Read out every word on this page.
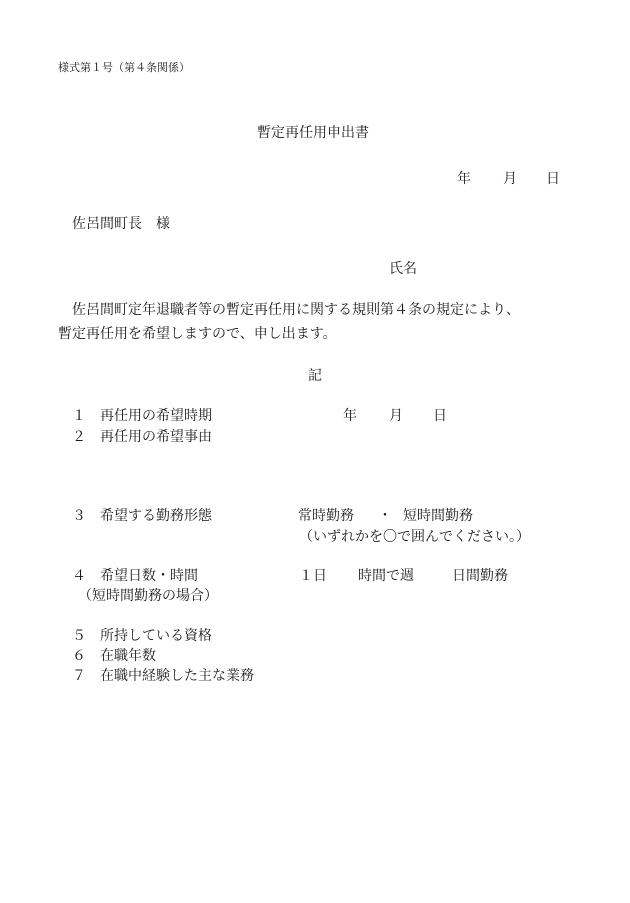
様式第１号（第４条関係）
暫定再任用申出書
年 月 日
佐呂間町長　様
氏名
佐呂間町定年退職者等の暫定再任用に関する規則第４条の規定により、
暫定再任用を希望しますので、申し出ます。
記
１ 再任用の希望時期	年 月 日
２ 再任用の希望事由
３ 希望する勤務形態	常時勤務 ・ 短時間勤務
（いずれかを〇で囲んでください。）
４ 希望日数・時間	１日 時間で週	日間勤務
（短時間勤務の場合）
５ 所持している資格
６ 在職年数
７ 在職中経験した主な業務
